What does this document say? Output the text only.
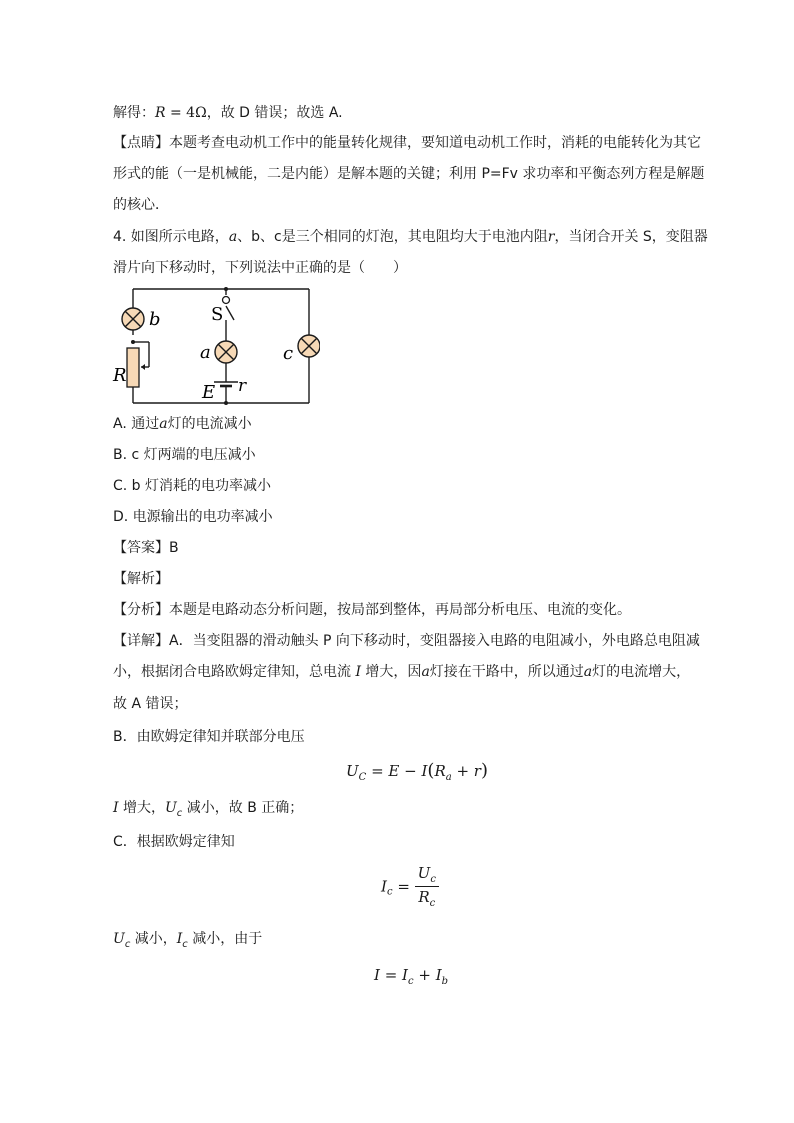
解得：R = 4Ω，故 D 错误；故选 A.
【点睛】本题考查电动机工作中的能量转化规律，要知道电动机工作时，消耗的电能转化为其它
形式的能（一是机械能，二是内能）是解本题的关键；利用 P=Fv 求功率和平衡态列方程是解题
的核心．
4. 如图所示电路，a、b、c是三个相同的灯泡，其电阻均大于电池内阻r，当闭合开关 S，变阻器
滑片向下移动时，下列说法中正确的是（　　）
b
a	c
R
S
E r
A. 通过a灯的电流减小
B. c 灯两端的电压减小
C. b 灯消耗的电功率减小
D. 电源输出的电功率减小
【答案】B
【解析】
【分析】本题是电路动态分析问题，按局部到整体，再局部分析电压、电流的变化。
【详解】A．当变阻器的滑动触头 P 向下移动时，变阻器接入电路的电阻减小，外电路总电阻减
小，根据闭合电路欧姆定律知，总电流 I 增大，因a灯接在干路中，所以通过a灯的电流增大，
故 A 错误；
B．由欧姆定律知并联部分电压
$U_C = E - I(R_a + r)$
I 增大，$U_c$ 减小，故 B 正确；
C．根据欧姆定律知
$I_c = \frac{U_c}{R_c}$
$U_c$ 减小，$I_c$ 减小，由于
$I = I_c + I_b$
